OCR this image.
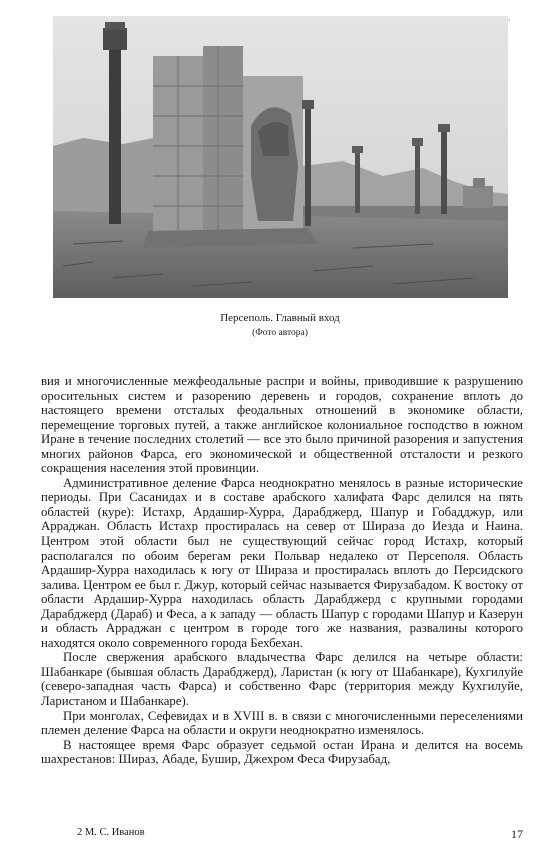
'
Персеполь. Главный вход
(Фото автора)

вия и многочисленные межфеодальные распри и войны, приводившие к разрушению оросительных систем и разорению деревень и городов, сохранение вплоть до настоящего времени отсталых феодальных отношений в экономике области, перемещение торговых путей, а также английское колониальное господство в южном Иране в течение последних столетий — все это было причиной разорения и запустения многих районов Фарса, его экономической и общественной отсталости и резкого сокращения населения этой провинции.

Административное деление Фарса неоднократно менялось в разные исторические периоды. При Сасанидах и в составе арабского халифата Фарс делился на пять областей (куре): Истахр, Ардашир-Хурра, Дарабджерд, Шапур и Гобадджур, или Арраджан. Область Истахр простиралась на север от Шираза до Иезда и Наина. Центром этой области был не существующий сейчас город Истахр, который располагался по обоим берегам реки Польвар недалеко от Персеполя. Область Ардашир-Хурра находилась к югу от Шираза и простиралась вплоть до Персидского залива. Центром ее был г. Джур, который сейчас называется Фирузабадом. К востоку от области Ардашир-Хурра находилась область Дарабджерд с крупными городами Дарабджерд (Дараб) и Феса, а к западу — область Шапур с городами Шапур и Казерун и область Арраджан с центром в городе того же названия, развалины которого находятся около современного города Бехбехан.

После свержения арабского владычества Фарс делился на четыре области: Шабанкаре (бывшая область Дарабджерд), Ларистан (к югу от Шабанкаре), Кухгилуйе (северо-западная часть Фарса) и собственно Фарс (территория между Кухгилуйе, Ларистаном и Шабанкаре).

При монголах, Сефевидах и в XVIII в. в связи с многочисленными переселениями племен деление Фарса на области и округи неоднократно изменялось.

В настоящее время Фарс образует седьмой остан Ирана и делится на восемь шахрестанов: Шираз, Абаде, Бушир, Джехром Феса Фирузабад,

2 М. С. Иванов	17
